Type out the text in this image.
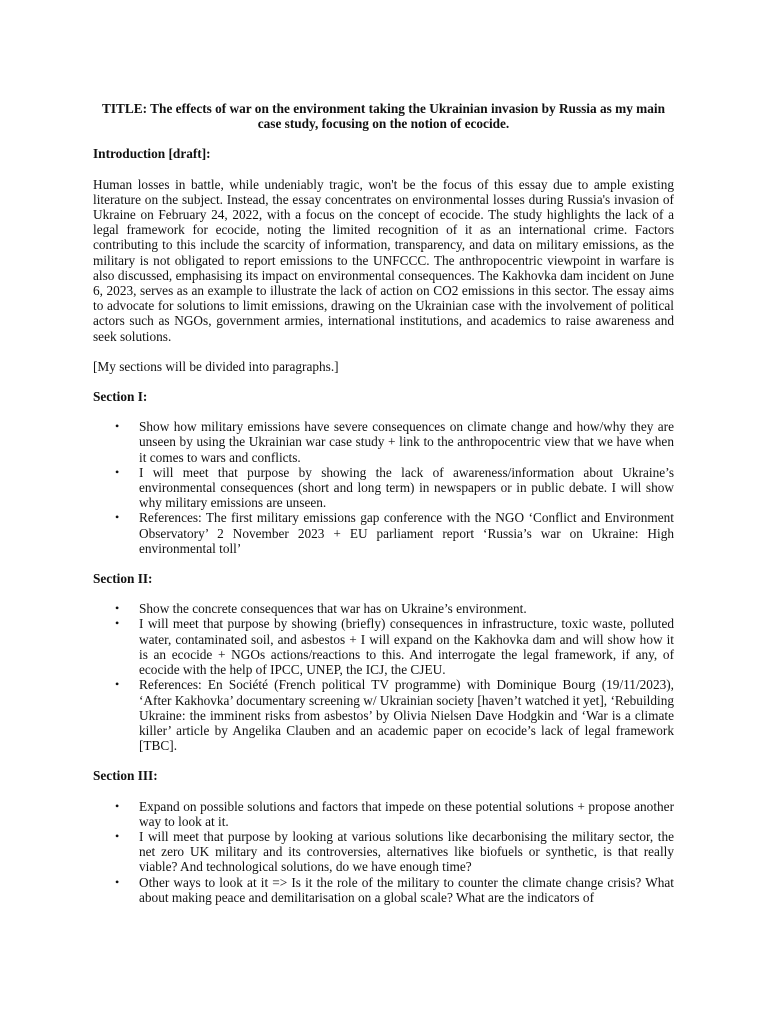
TITLE: The effects of war on the environment taking the Ukrainian invasion by Russia as my main case study, focusing on the notion of ecocide.

Introduction [draft]:

Human losses in battle, while undeniably tragic, won't be the focus of this essay due to ample existing literature on the subject. Instead, the essay concentrates on environmental losses during Russia's invasion of Ukraine on February 24, 2022, with a focus on the concept of ecocide. The study highlights the lack of a legal framework for ecocide, noting the limited recognition of it as an international crime. Factors contributing to this include the scarcity of information, transparency, and data on military emissions, as the military is not obligated to report emissions to the UNFCCC. The anthropocentric viewpoint in warfare is also discussed, emphasising its impact on environmental consequences. The Kakhovka dam incident on June 6, 2023, serves as an example to illustrate the lack of action on CO2 emissions in this sector. The essay aims to advocate for solutions to limit emissions, drawing on the Ukrainian case with the involvement of political actors such as NGOs, government armies, international institutions, and academics to raise awareness and seek solutions.

[My sections will be divided into paragraphs.]

Section I:

• Show how military emissions have severe consequences on climate change and how/why they are unseen by using the Ukrainian war case study + link to the anthropocentric view that we have when it comes to wars and conflicts.
• I will meet that purpose by showing the lack of awareness/information about Ukraine’s environmental consequences (short and long term) in newspapers or in public debate. I will show why military emissions are unseen.
• References: The first military emissions gap conference with the NGO ‘Conflict and Environment Observatory’ 2 November 2023 + EU parliament report ‘Russia’s war on Ukraine: High environmental toll’

Section II:

• Show the concrete consequences that war has on Ukraine’s environment.
• I will meet that purpose by showing (briefly) consequences in infrastructure, toxic waste, polluted water, contaminated soil, and asbestos + I will expand on the Kakhovka dam and will show how it is an ecocide + NGOs actions/reactions to this. And interrogate the legal framework, if any, of ecocide with the help of IPCC, UNEP, the ICJ, the CJEU.
• References: En Société (French political TV programme) with Dominique Bourg (19/11/2023), ‘After Kakhovka’ documentary screening w/ Ukrainian society [haven’t watched it yet], ‘Rebuilding Ukraine: the imminent risks from asbestos’ by Olivia Nielsen Dave Hodgkin and ‘War is a climate killer’ article by Angelika Clauben and an academic paper on ecocide’s lack of legal framework [TBC].

Section III:

• Expand on possible solutions and factors that impede on these potential solutions + propose another way to look at it.
• I will meet that purpose by looking at various solutions like decarbonising the military sector, the net zero UK military and its controversies, alternatives like biofuels or synthetic, is that really viable? And technological solutions, do we have enough time?
• Other ways to look at it => Is it the role of the military to counter the climate change crisis? What about making peace and demilitarisation on a global scale? What are the indicators of
